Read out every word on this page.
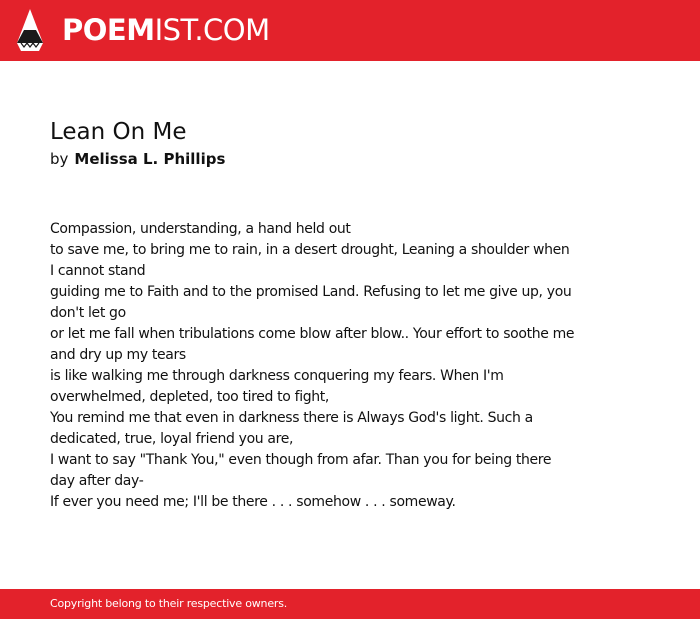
POEMIST.COM
Lean On Me
by Melissa L. Phillips
Compassion, understanding, a hand held out
to save me, to bring me to rain, in a desert drought, Leaning a shoulder when I cannot stand
guiding me to Faith and to the promised Land. Refusing to let me give up, you don't let go
or let me fall when tribulations come blow after blow.. Your effort to soothe me and dry up my tears
is like walking me through darkness conquering my fears. When I'm overwhelmed, depleted, too tired to fight,
You remind me that even in darkness there is Always God's light. Such a dedicated, true, loyal friend you are,
I want to say "Thank You," even though from afar. Than you for being there day after day-
If ever you need me; I'll be there . . . somehow . . . someway.
Copyright belong to their respective owners.
